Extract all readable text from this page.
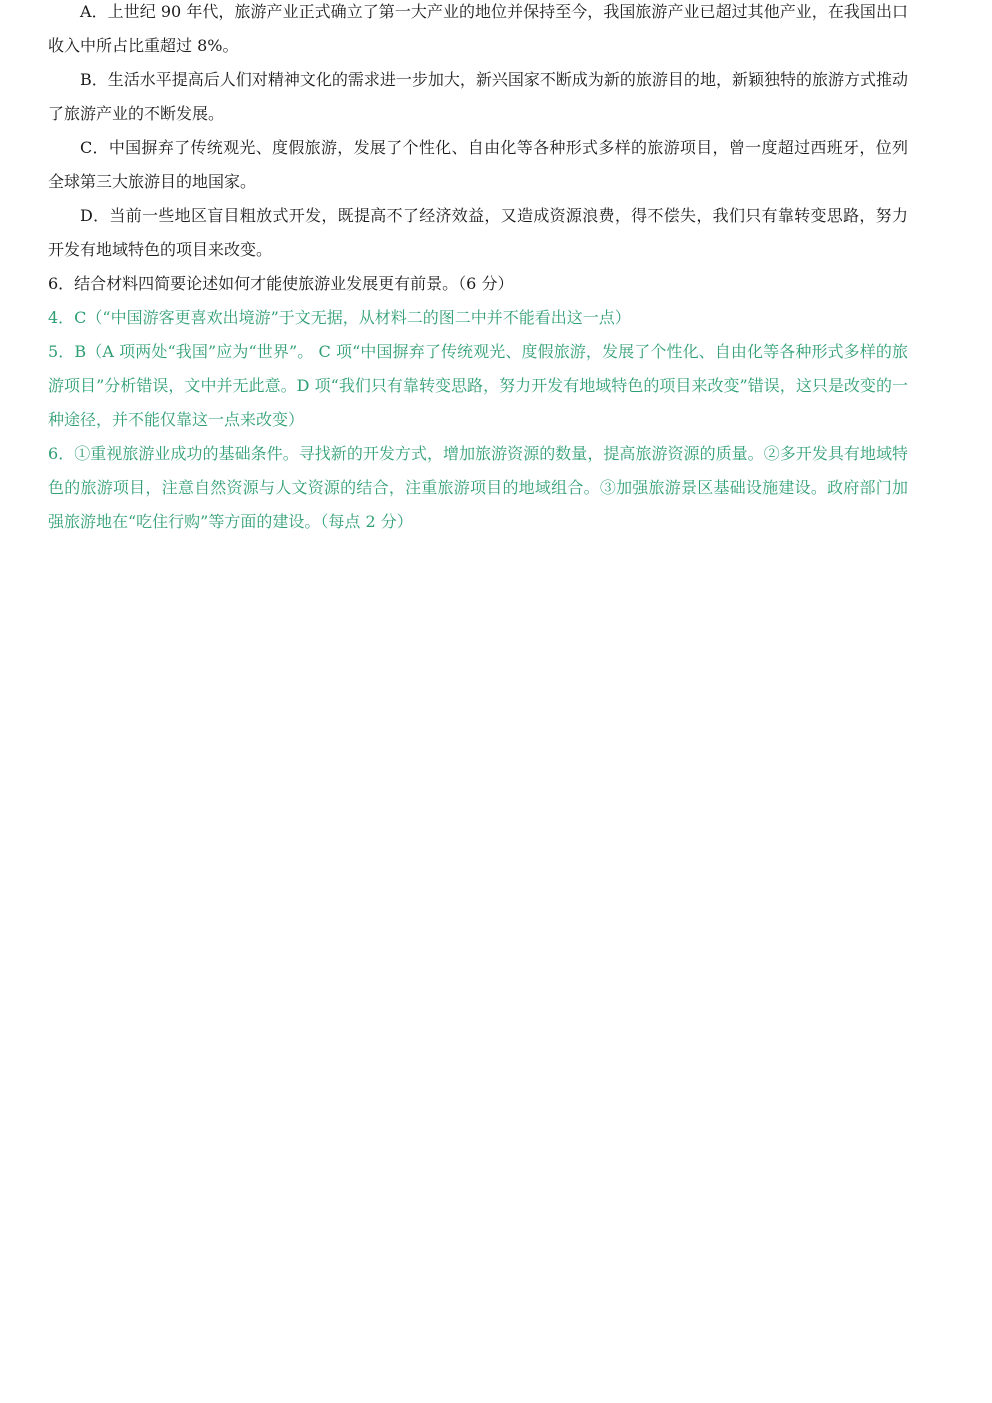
A．上世纪 90 年代，旅游产业正式确立了第一大产业的地位并保持至今，我国旅游产业已超过其他产业，在我国出口收入中所占比重超过 8%。

B．生活水平提高后人们对精神文化的需求进一步加大，新兴国家不断成为新的旅游目的地，新颖独特的旅游方式推动了旅游产业的不断发展。

C．中国摒弃了传统观光、度假旅游，发展了个性化、自由化等各种形式多样的旅游项目，曾一度超过西班牙，位列全球第三大旅游目的地国家。

D．当前一些地区盲目粗放式开发，既提高不了经济效益，又造成资源浪费，得不偿失，我们只有靠转变思路，努力开发有地域特色的项目来改变。

6．结合材料四简要论述如何才能使旅游业发展更有前景。（6 分）

4．C（“中国游客更喜欢出境游”于文无据，从材料二的图二中并不能看出这一点）

5．B（A 项两处“我国”应为“世界”。 C 项“中国摒弃了传统观光、度假旅游，发展了个性化、自由化等各种形式多样的旅游项目”分析错误，文中并无此意。D 项“我们只有靠转变思路，努力开发有地域特色的项目来改变”错误，这只是改变的一种途径，并不能仅靠这一点来改变）

6．①重视旅游业成功的基础条件。寻找新的开发方式，增加旅游资源的数量，提高旅游资源的质量。②多开发具有地域特色的旅游项目，注意自然资源与人文资源的结合，注重旅游项目的地域组合。③加强旅游景区基础设施建设。政府部门加强旅游地在“吃住行购”等方面的建设。（每点 2 分）
